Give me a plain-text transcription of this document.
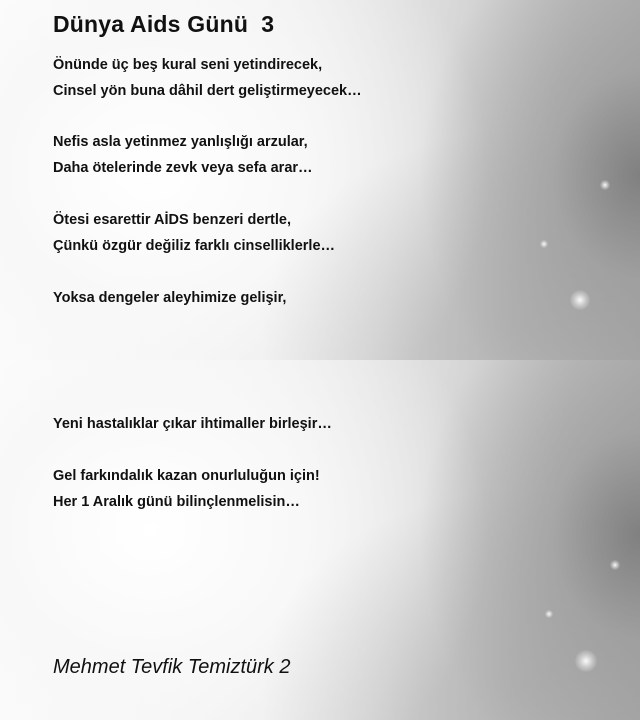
Dünya Aids Günü  3
Önünde üç beş kural seni yetindirecek,
Cinsel yön buna dâhil dert geliştirmeyecek…
Nefis asla yetinmez yanlışlığı arzular,
Daha ötelerinde zevk veya sefa arar…
Ötesi esarettir AİDS benzeri dertle,
Çünkü özgür değiliz farklı cinselliklerle…
Yoksa dengeler aleyhimize gelişir,
Yeni hastalıklar çıkar ihtimaller birleşir…
Gel farkındalık kazan onurluluğun için!
Her 1 Aralık günü bilinçlenmelisin…

Mehmet Tevfik Temiztürk 2
